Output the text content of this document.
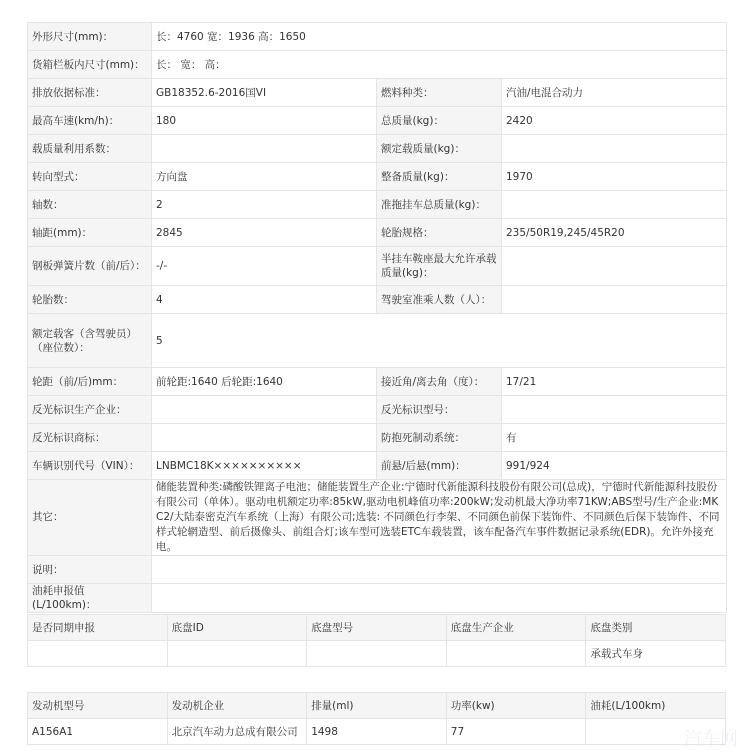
外形尺寸(mm)：	长：4760 宽：1936 高：1650		
货箱栏板内尺寸(mm)：	长： 宽： 高：		
排放依据标准：	GB18352.6-2016国VI	燃料种类：	汽油/电混合动力
最高车速(km/h)：	180	总质量(kg)：	2420
载质量利用系数：		额定载质量(kg)：	
转向型式：	方向盘	整备质量(kg)：	1970
轴数：	2	准拖挂车总质量(kg)：	
轴距(mm)：	2845	轮胎规格：	235/50R19,245/45R20
钢板弹簧片数（前/后）：	-/-	半挂车鞍座最大允许承载质量(kg)：	
轮胎数：	4	驾驶室准乘人数（人）：	
额定载客（含驾驶员）（座位数）：	5		
轮距（前/后)mm：	前轮距:1640 后轮距:1640	接近角/离去角（度）：	17/21
反光标识生产企业：		反光标识型号：	
反光标识商标：		防抱死制动系统：	有
车辆识别代号（VIN）：	LNBMC18K××××××××××	前悬/后悬(mm)：	991/924
其它：	储能装置种类:磷酸铁锂离子电池；储能装置生产企业:宁德时代新能源科技股份有限公司(总成)，宁德时代新能源科技股份有限公司（单体）。驱动电机额定功率:85kW,驱动电机峰值功率:200kW;发动机最大净功率71KW;ABS型号/生产企业:MK C2/大陆泰密克汽车系统（上海）有限公司;选装: 不同颜色行李架、不同颜色前保下装饰件、不同颜色后保下装饰件、不同样式轮辋造型、前后摄像头、前组合灯;该车型可选装ETC车载装置，该车配备汽车事件数据记录系统(EDR)。允许外接充电。		
说明：			
油耗申报值(L/100km)：			
是否同期申报	底盘ID	底盘型号	底盘生产企业	底盘类别
				承载式车身
发动机型号	发动机企业	排量(ml)	功率(kw)	油耗(L/100km)
A156A1	北京汽车动力总成有限公司	1498	77		汽车网
